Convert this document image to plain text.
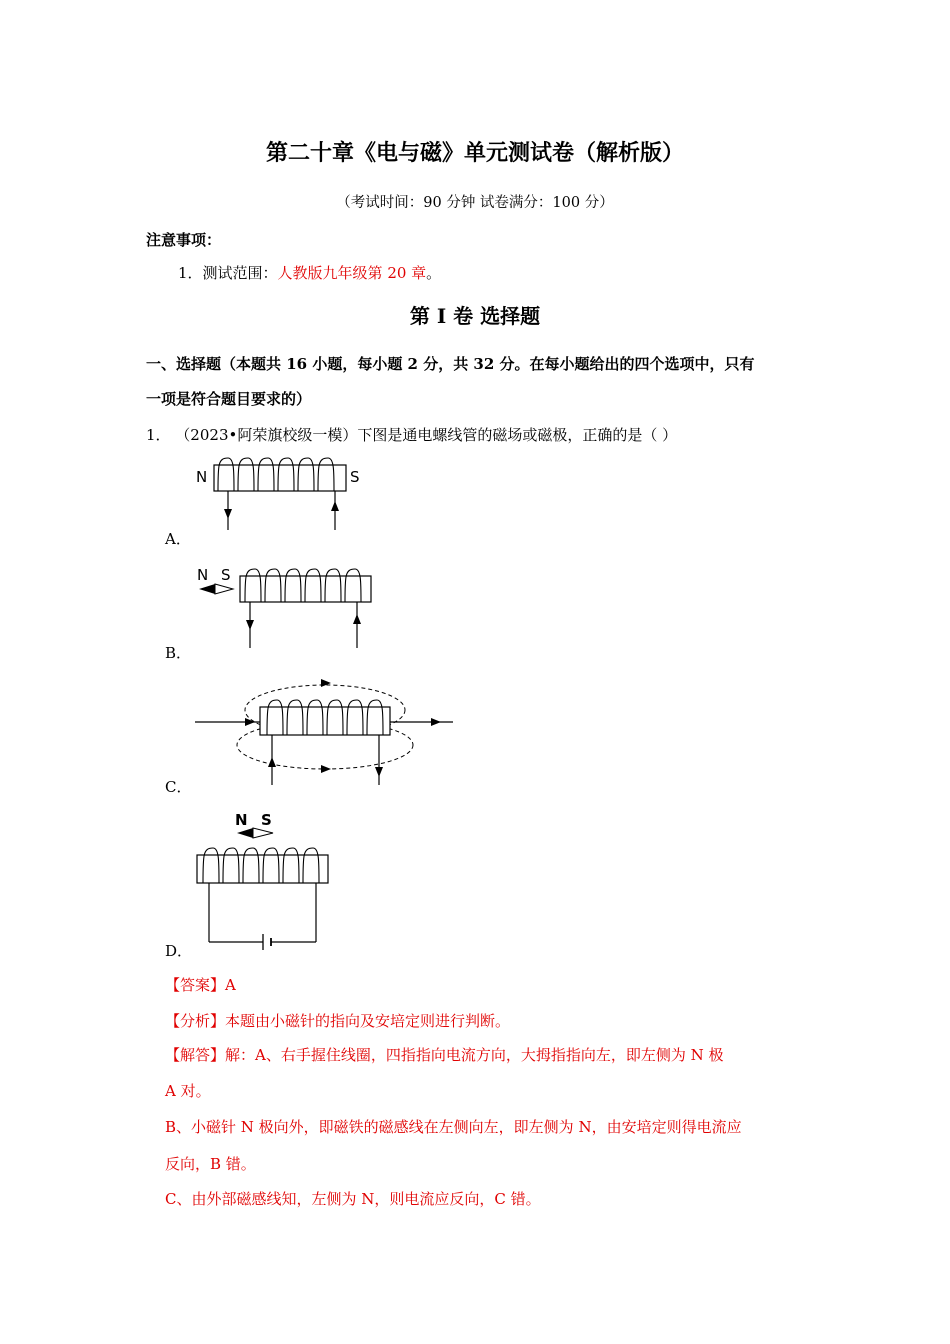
第二十章《电与磁》单元测试卷（解析版）
（考试时间：90 分钟 试卷满分：100 分）
注意事项：
1．测试范围：人教版九年级第 20 章。
第 I 卷 选择题
一、选择题（本题共 16 小题，每小题 2 分，共 32 分。在每小题给出的四个选项中，只有
一项是符合题目要求的）
1． （2023•阿荣旗校级一模）下图是通电螺线管的磁场或磁极，正确的是（ ）
N	S
A．
N S
B．
C．
N S
D．
【答案】A
【分析】本题由小磁针的指向及安培定则进行判断。
【解答】解：A、右手握住线圈，四指指向电流方向，大拇指指向左，即左侧为 N 极
A 对。
B、小磁针 N 极向外，即磁铁的磁感线在左侧向左，即左侧为 N，由安培定则得电流应
反向，B 错。
C、由外部磁感线知，左侧为 N，则电流应反向，C 错。
